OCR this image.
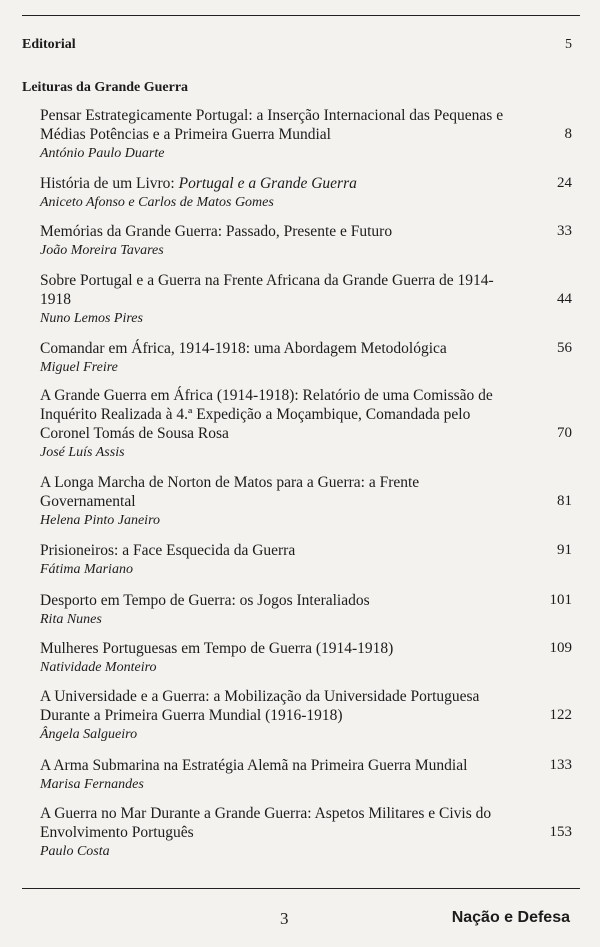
Editorial	5
Leituras da Grande Guerra
Pensar Estrategicamente Portugal: a Inserção Internacional das Pequenas e Médias Potências e a Primeira Guerra Mundial
António Paulo Duarte
8
História de um Livro: Portugal e a Grande Guerra
Aniceto Afonso e Carlos de Matos Gomes
24
Memórias da Grande Guerra: Passado, Presente e Futuro
João Moreira Tavares
33
Sobre Portugal e a Guerra na Frente Africana da Grande Guerra de 1914-1918
Nuno Lemos Pires
44
Comandar em África, 1914-1918: uma Abordagem Metodológica
Miguel Freire
56
A Grande Guerra em África (1914-1918): Relatório de uma Comissão de Inquérito Realizada à 4.ª Expedição a Moçambique, Comandada pelo Coronel Tomás de Sousa Rosa
José Luís Assis
70
A Longa Marcha de Norton de Matos para a Guerra: a Frente Governamental
Helena Pinto Janeiro
81
Prisioneiros: a Face Esquecida da Guerra
Fátima Mariano
91
Desporto em Tempo de Guerra: os Jogos Interaliados
Rita Nunes
101
Mulheres Portuguesas em Tempo de Guerra (1914-1918)
Natividade Monteiro
109
A Universidade e a Guerra: a Mobilização da Universidade Portuguesa Durante a Primeira Guerra Mundial (1916-1918)
Ângela Salgueiro
122
A Arma Submarina na Estratégia Alemã na Primeira Guerra Mundial
Marisa Fernandes
133
A Guerra no Mar Durante a Grande Guerra: Aspetos Militares e Civis do Envolvimento Português
Paulo Costa
153
3	Nação e Defesa
